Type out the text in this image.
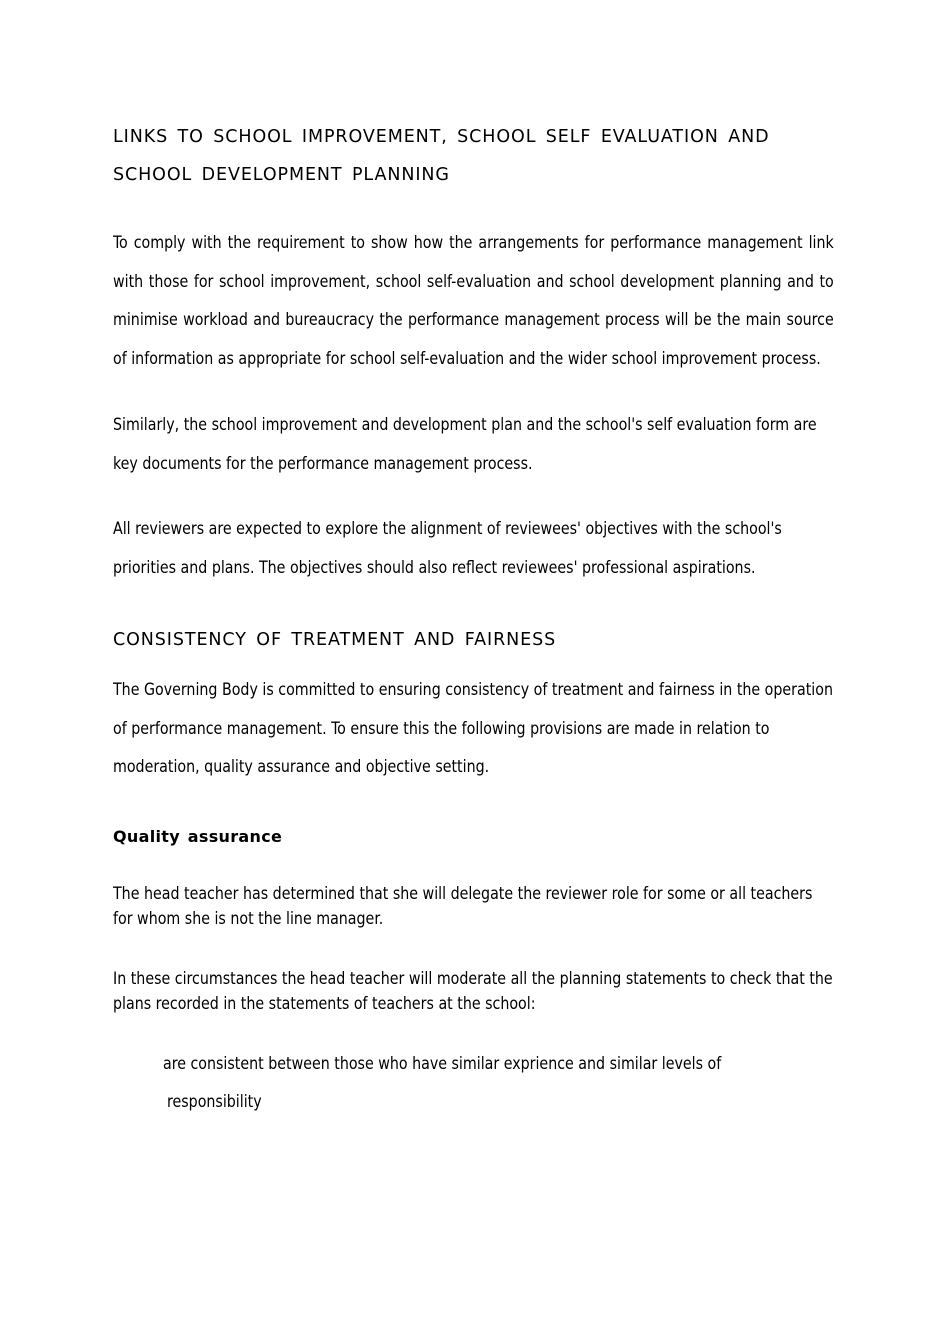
LINKS TO SCHOOL IMPROVEMENT, SCHOOL SELF EVALUATION AND SCHOOL DEVELOPMENT PLANNING

To comply with the requirement to show how the arrangements for performance management link with those for school improvement, school self-evaluation and school development planning and to minimise workload and bureaucracy the performance management process will be the main source of information as appropriate for school self-evaluation and the wider school improvement process.

Similarly, the school improvement and development plan and the school's self evaluation form are key documents for the performance management process.

All reviewers are expected to explore the alignment of reviewees' objectives with the school's priorities and plans. The objectives should also reflect reviewees' professional aspirations.

CONSISTENCY OF TREATMENT AND FAIRNESS

The Governing Body is committed to ensuring consistency of treatment and fairness in the operation of performance management. To ensure this the following provisions are made in relation to moderation, quality assurance and objective setting.

Quality assurance

The head teacher has determined that she will delegate the reviewer role for some or all teachers for whom she is not the line manager.

In these circumstances the head teacher will moderate all the planning statements to check that the plans recorded in the statements of teachers at the school:

are consistent between those who have similar exprience and similar levels of

responsibility
